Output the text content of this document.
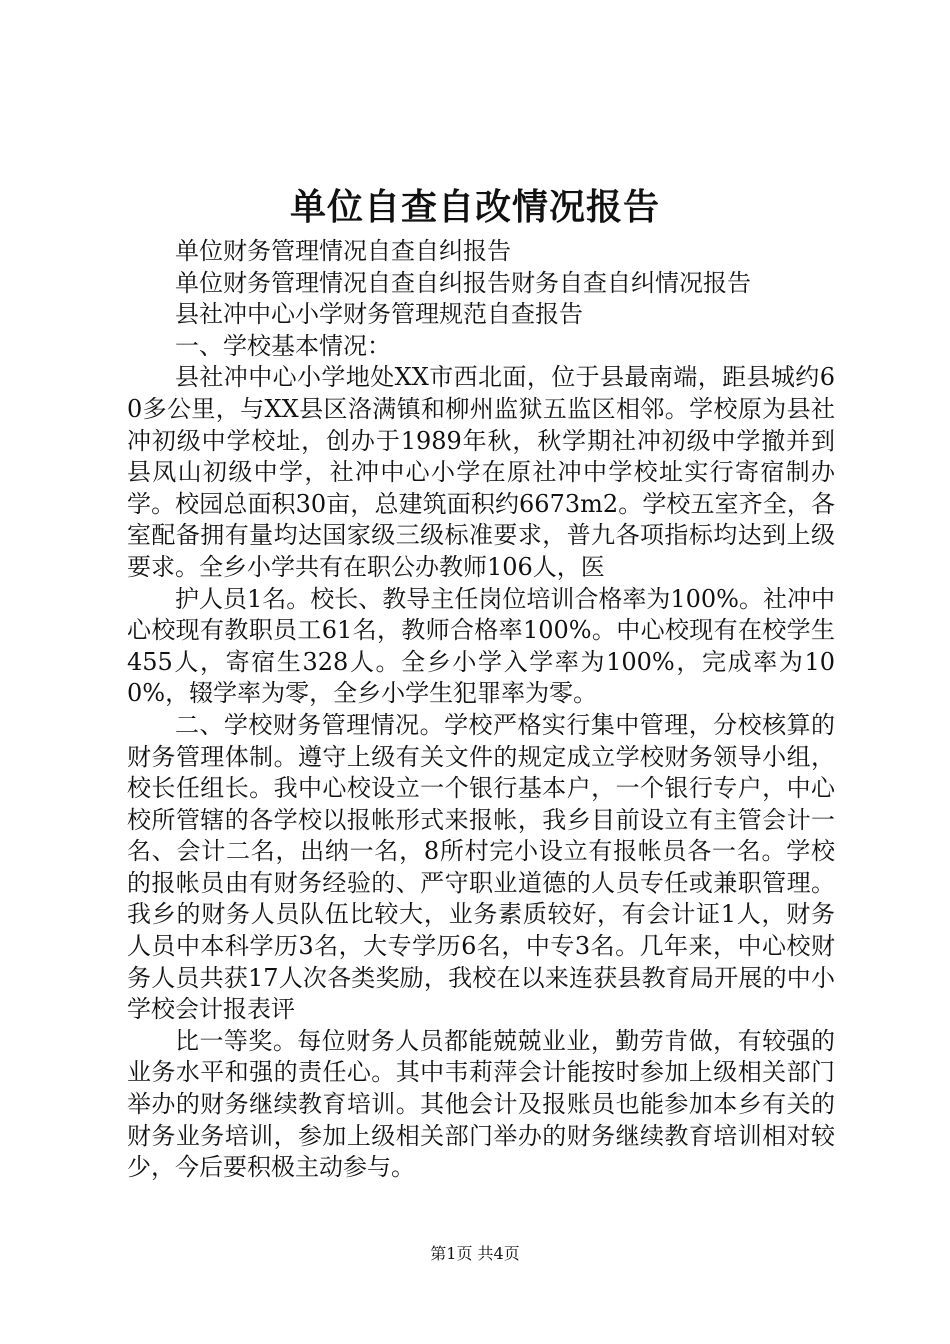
单位自查自改情况报告

单位财务管理情况自查自纠报告

单位财务管理情况自查自纠报告财务自查自纠情况报告

县社冲中心小学财务管理规范自查报告

一、学校基本情况：

县社冲中心小学地处XX市西北面，位于县最南端，距县城约60多公里，与XX县区洛满镇和柳州监狱五监区相邻。学校原为县社冲初级中学校址，创办于1989年秋，秋学期社冲初级中学撤并到县凤山初级中学，社冲中心小学在原社冲中学校址实行寄宿制办学。校园总面积30亩，总建筑面积约6673m2。学校五室齐全，各室配备拥有量均达国家级三级标准要求，普九各项指标均达到上级要求。全乡小学共有在职公办教师106人，医

护人员1名。校长、教导主任岗位培训合格率为100%。社冲中心校现有教职员工61名，教师合格率100%。中心校现有在校学生455人，寄宿生328人。全乡小学入学率为100%，完成率为100%，辍学率为零，全乡小学生犯罪率为零。

二、学校财务管理情况。学校严格实行集中管理，分校核算的财务管理体制。遵守上级有关文件的规定成立学校财务领导小组，校长任组长。我中心校设立一个银行基本户，一个银行专户，中心校所管辖的各学校以报帐形式来报帐，我乡目前设立有主管会计一名、会计二名，出纳一名，8所村完小设立有报帐员各一名。学校的报帐员由有财务经验的、严守职业道德的人员专任或兼职管理。我乡的财务人员队伍比较大，业务素质较好，有会计证1人，财务人员中本科学历3名，大专学历6名，中专3名。几年来，中心校财务人员共获17人次各类奖励，我校在以来连获县教育局开展的中小学校会计报表评

比一等奖。每位财务人员都能兢兢业业，勤劳肯做，有较强的业务水平和强的责任心。其中韦莉萍会计能按时参加上级相关部门举办的财务继续教育培训。其他会计及报账员也能参加本乡有关的财务业务培训，参加上级相关部门举办的财务继续教育培训相对较少，今后要积极主动参与。

第1页 共4页
